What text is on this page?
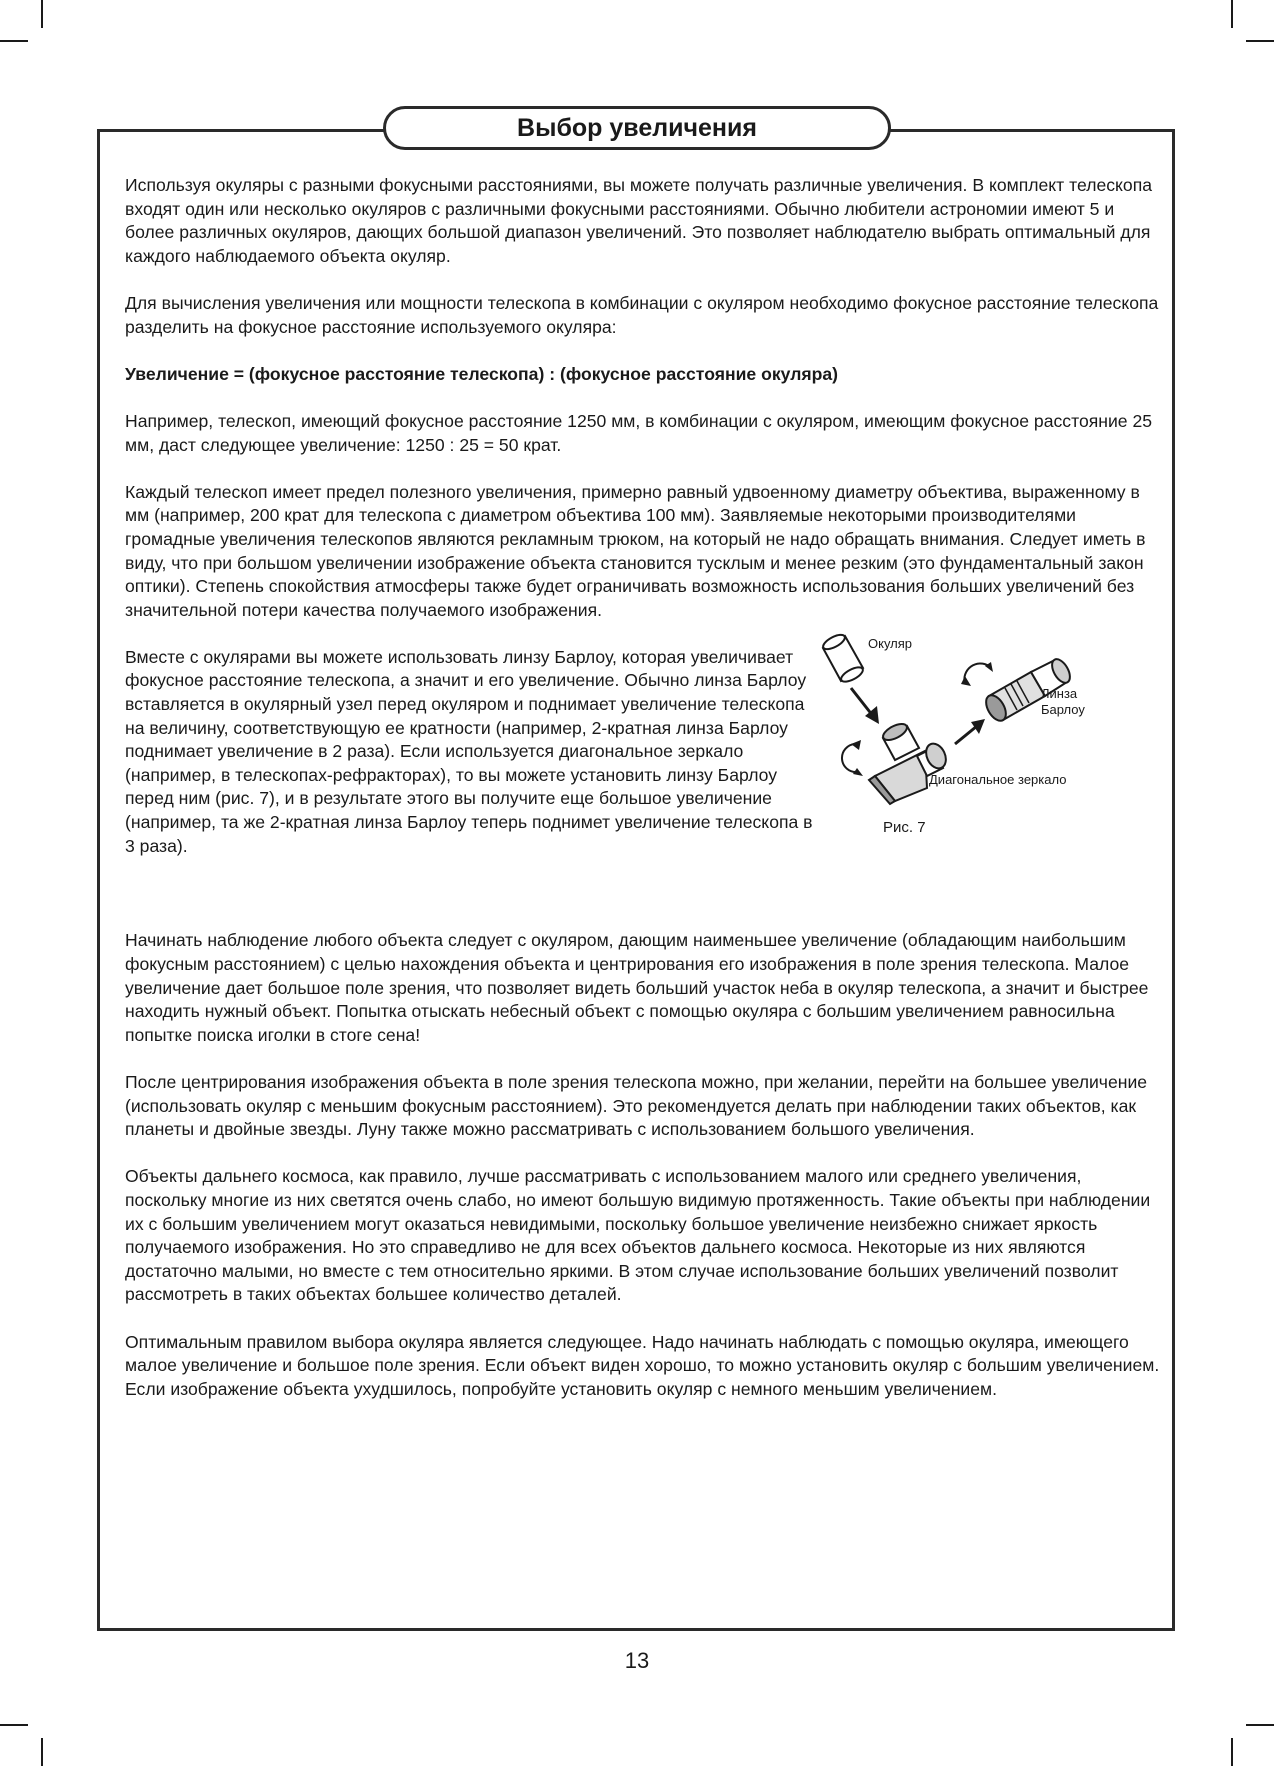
Выбор увеличения

Используя окуляры с разными фокусными расстояниями, вы можете получать различные увеличения. В комплект телескопа входят один или несколько окуляров с различными фокусными расстояниями. Обычно любители астрономии имеют 5 и более различных окуляров, дающих большой диапазон увеличений. Это позволяет наблюдателю выбрать оптимальный для каждого наблюдаемого объекта окуляр.

Для вычисления увеличения или мощности телескопа в комбинации с окуляром необходимо фокусное расстояние телескопа разделить на фокусное расстояние используемого окуляра:

Увеличение = (фокусное расстояние телескопа) : (фокусное расстояние окуляра)

Например, телескоп, имеющий фокусное расстояние 1250 мм, в комбинации с окуляром, имеющим фокусное расстояние 25 мм, даст следующее увеличение: 1250 : 25 = 50 крат.

Каждый телескоп имеет предел полезного увеличения, примерно равный удвоенному диаметру объектива, выраженному в мм (например, 200 крат для телескопа с диаметром объектива 100 мм). Заявляемые некоторыми производителями громадные увеличения телескопов являются рекламным трюком, на который не надо обращать внимания. Следует иметь в виду, что при большом увеличении изображение объекта становится тусклым и менее резким (это фундаментальный закон оптики). Степень спокойствия атмосферы также будет ограничивать возможность использования больших увеличений без значительной потери качества получаемого изображения.

Вместе с окулярами вы можете использовать линзу Барлоу, которая увеличивает фокусное расстояние телескопа, а значит и его увеличение. Обычно линза Барлоу вставляется в окулярный узел перед окуляром и поднимает увеличение телескопа на величину, соответствующую ее кратности (например, 2-кратная линза Барлоу поднимает увеличение в 2 раза). Если используется диагональное зеркало (например, в телескопах-рефракторах), то вы можете установить линзу Барлоу перед ним (рис. 7), и в результате этого вы получите еще большое увеличение (например, та же 2-кратная линза Барлоу теперь поднимет увеличение телескопа в 3 раза).

Окуляр
Линза
Барлоу
Диагональное зеркало
Рис. 7

Начинать наблюдение любого объекта следует с окуляром, дающим наименьшее увеличение (обладающим наибольшим фокусным расстоянием) с целью нахождения объекта и центрирования его изображения в поле зрения телескопа. Малое увеличение дает большое поле зрения, что позволяет видеть больший участок неба в окуляр телескопа, а значит и быстрее находить нужный объект. Попытка отыскать небесный объект с помощью окуляра с большим увеличением равносильна попытке поиска иголки в стоге сена!

После центрирования изображения объекта в поле зрения телескопа можно, при желании, перейти на большее увеличение (использовать окуляр с меньшим фокусным расстоянием). Это рекомендуется делать при наблюдении таких объектов, как планеты и двойные звезды. Луну также можно рассматривать с использованием большого увеличения.

Объекты дальнего космоса, как правило, лучше рассматривать с использованием малого или среднего увеличения, поскольку многие из них светятся очень слабо, но имеют большую видимую протяженность. Такие объекты при наблюдении их с большим увеличением могут оказаться невидимыми, поскольку большое увеличение неизбежно снижает яркость получаемого изображения. Но это справедливо не для всех объектов дальнего космоса. Некоторые из них являются достаточно малыми, но вместе с тем относительно яркими. В этом случае использование больших увеличений позволит рассмотреть в таких объектах большее количество деталей.

Оптимальным правилом выбора окуляра является следующее. Надо начинать наблюдать с помощью окуляра, имеющего малое увеличение и большое поле зрения. Если объект виден хорошо, то можно установить окуляр с большим увеличением. Если изображение объекта ухудшилось, попробуйте установить окуляр с немного меньшим увеличением.

13
